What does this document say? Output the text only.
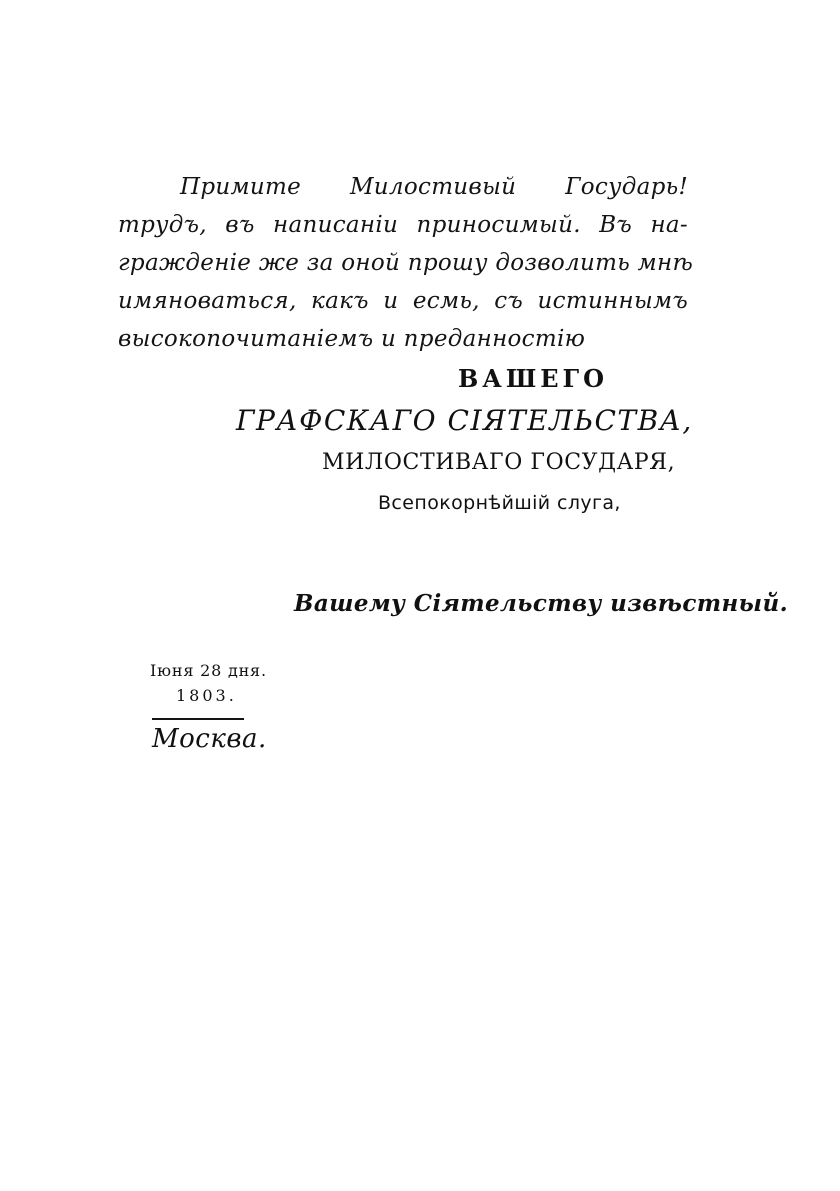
Примите Милостивый Государь!
трудъ, въ написаніи приносимый. Въ на-
гражденіе же за оной прошу дозволить мнѣ
имяноваться, какъ и есмь, съ истиннымъ
высокопочитаніемъ и преданностію
ВАШЕГО
ГРАФСКАГО СІЯТЕЛЬСТВА,
МИЛОСТИВАГО ГОСУДАРЯ,
Всепокорнѣйшій слуга,
Вашему Сіятельству извѣстный.
Іюня 28 дня.
1803.
Москва.
